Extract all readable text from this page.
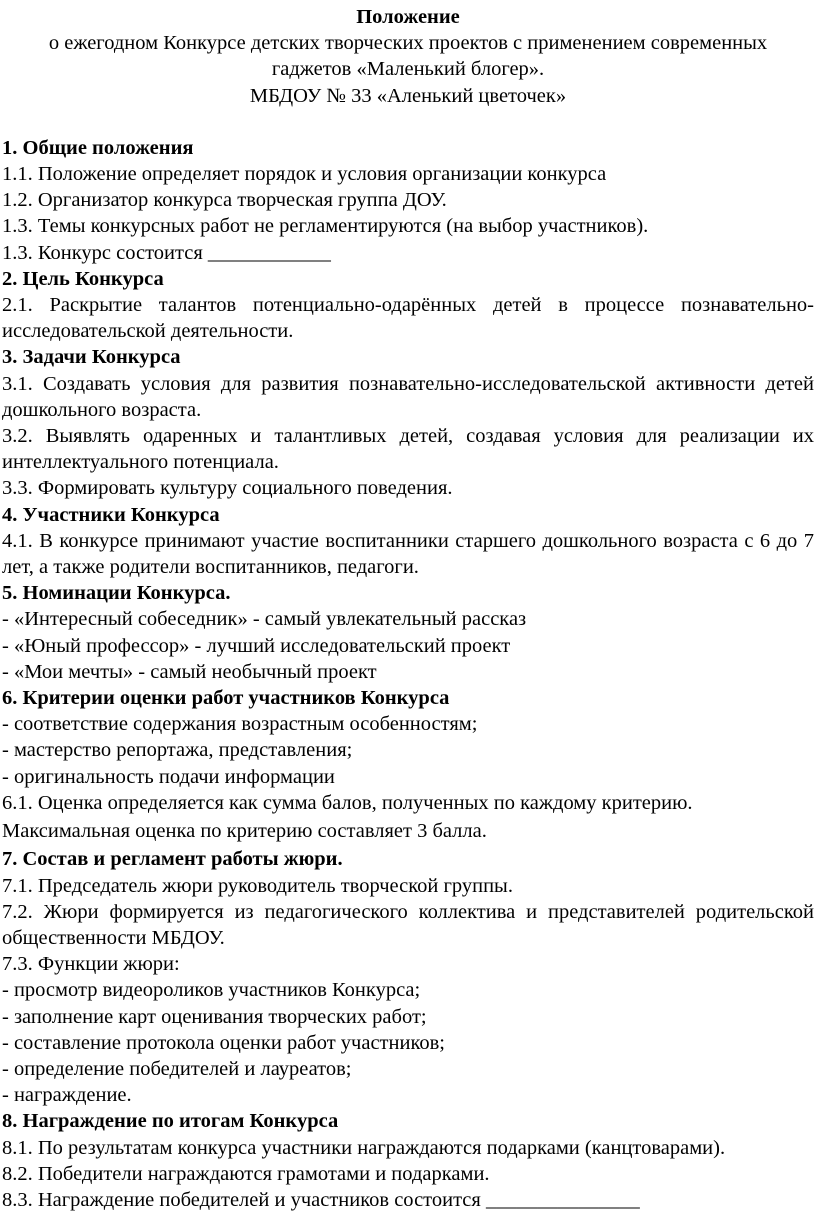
Положение
о ежегодном Конкурсе детских творческих проектов с применением современных
гаджетов «Маленький блогер».
МБДОУ № 33 «Аленький цветочек»
1. Общие положения
1.1. Положение определяет порядок и условия организации конкурса
1.2. Организатор конкурса творческая группа ДОУ.
1.3. Темы конкурсных работ не регламентируются (на выбор участников).
1.3. Конкурс состоится ____________
2. Цель Конкурса
2.1. Раскрытие талантов потенциально-одарённых детей в процессе познавательно-исследовательской деятельности.
3. Задачи Конкурса
3.1. Создавать условия для развития познавательно-исследовательской активности детей дошкольного возраста.
3.2. Выявлять одаренных и талантливых детей, создавая условия для реализации их интеллектуального потенциала.
3.3. Формировать культуру социального поведения.
4. Участники Конкурса
4.1. В конкурсе принимают участие воспитанники старшего дошкольного возраста с 6 до 7 лет, а также родители воспитанников, педагоги.
5. Номинации Конкурса.
- «Интересный собеседник» - самый увлекательный рассказ
- «Юный профессор» - лучший исследовательский проект
- «Мои мечты» - самый необычный проект
6. Критерии оценки работ участников Конкурса
- соответствие содержания возрастным особенностям;
- мастерство репортажа, представления;
- оригинальность подачи информации
6.1. Оценка определяется как сумма балов, полученных по каждому критерию.
Максимальная оценка по критерию составляет 3 балла.
7. Состав и регламент работы жюри.
7.1. Председатель жюри руководитель творческой группы.
7.2. Жюри формируется из педагогического коллектива и представителей родительской общественности МБДОУ.
7.3. Функции жюри:
- просмотр видеороликов участников Конкурса;
- заполнение карт оценивания творческих работ;
- составление протокола оценки работ участников;
- определение победителей и лауреатов;
- награждение.
8. Награждение по итогам Конкурса
8.1. По результатам конкурса участники награждаются подарками (канцтоварами).
8.2. Победители награждаются грамотами и подарками.
8.3. Награждение победителей и участников состоится _______________
